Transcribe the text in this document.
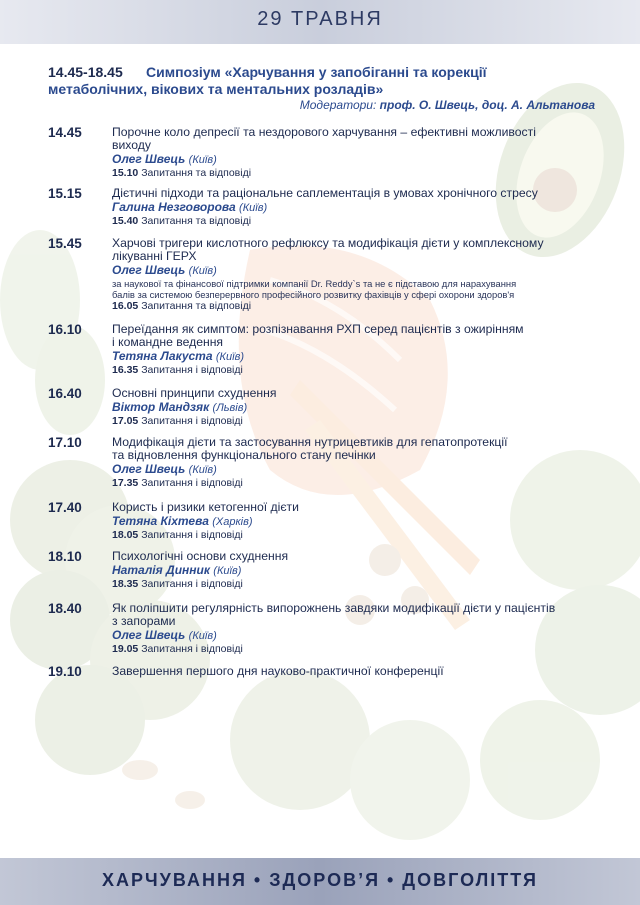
29 ТРАВНЯ
14.45-18.45 Симпозіум «Харчування у запобіганні та корекції
метаболічних, вікових та ментальних розладів»
Модератори: проф. О. Швець, доц. А. Альтанова
14.45 Порочне коло депресії та нездорового харчування – ефективні можливості
виходу
Олег Швець (Київ)
15.10 Запитання та відповіді
15.15 Дієтичні підходи та раціональне саплементація в умовах хронічного стресу
Галина Незговорова (Київ)
15.40 Запитання та відповіді
15.45 Харчові тригери кислотного рефлюксу та модифікація дієти у комплексному
лікуванні ГЕРХ
Олег Швець (Київ)
за наукової та фінансової підтримки компанії Dr. Reddy`s та не є підставою для нарахування
балів за системою безперервного професійного розвитку фахівців у сфері охорони здоров'я
16.05 Запитання та відповіді
16.10 Переїдання як симптом: розпізнавання РХП серед пацієнтів з ожирінням
і командне ведення
Тетяна Лакуста (Київ)
16.35 Запитання і відповіді
16.40 Основні принципи схуднення
Віктор Мандзяк (Львів)
17.05 Запитання і відповіді
17.10 Модифікація дієти та застосування нутрицевтиків для гепатопротекції
та відновлення функціонального стану печінки
Олег Швець (Київ)
17.35 Запитання і відповіді
17.40 Користь і ризики кетогенної дієти
Тетяна Кіхтева (Харків)
18.05 Запитання і відповіді
18.10 Психологічні основи схуднення
Наталія Динник (Київ)
18.35 Запитання і відповіді
18.40 Як поліпшити регулярність випорожнень завдяки модифікації дієти у пацієнтів
з запорами
Олег Швець (Київ)
19.05 Запитання і відповіді
19.10 Завершення першого дня науково-практичної конференції
ХАРЧУВАННЯ • ЗДОРОВ’Я • ДОВГОЛІТТЯ
